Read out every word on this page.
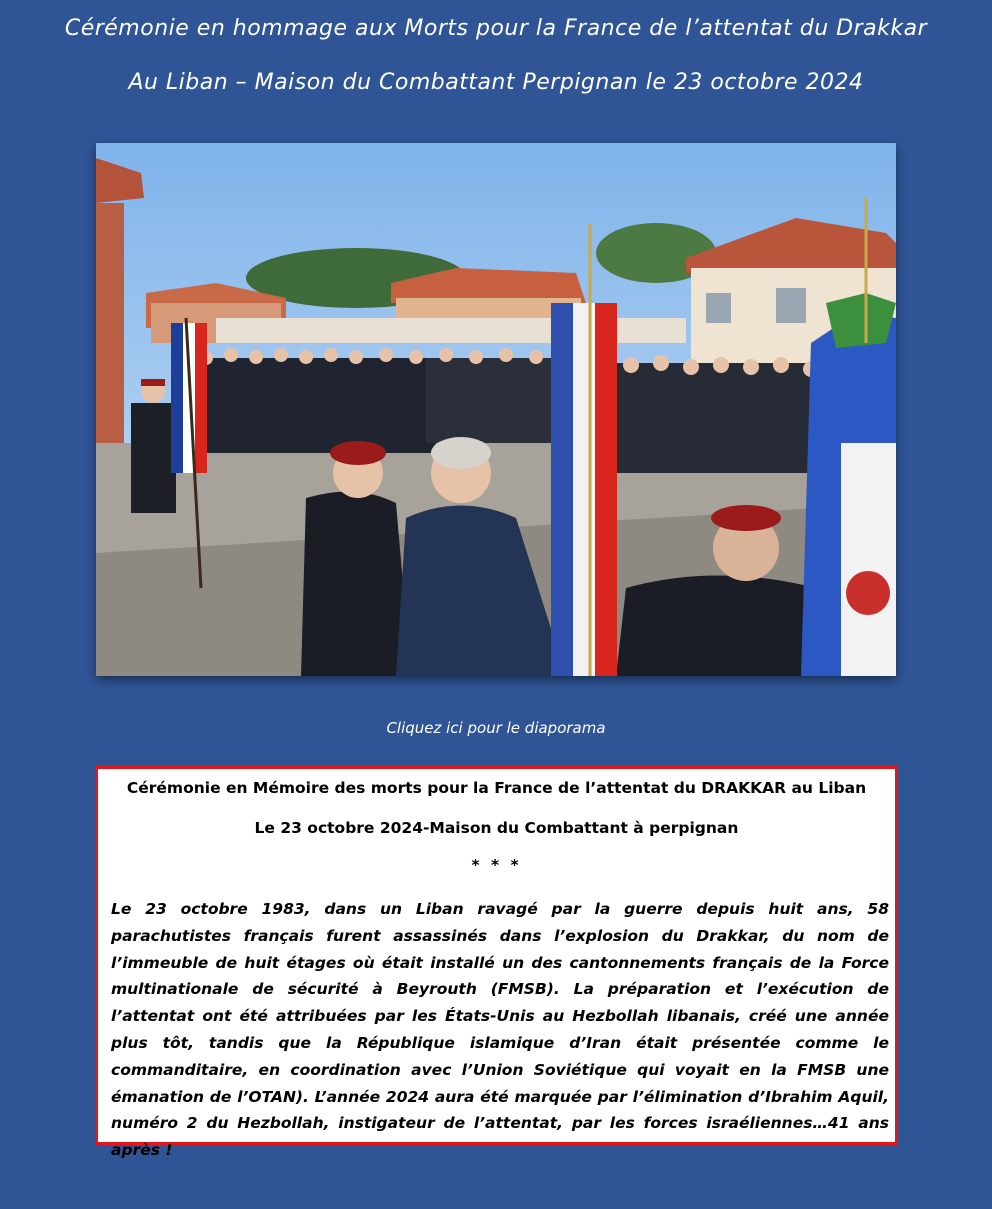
Cérémonie en hommage aux Morts pour la France de l’attentat du Drakkar
Au Liban – Maison du Combattant Perpignan le 23 octobre 2024
Cliquez ici pour le diaporama
Cérémonie en Mémoire des morts pour la France de l’attentat du DRAKKAR au Liban
Le 23 octobre 2024-Maison du Combattant à perpignan
* * *
Le 23 octobre 1983, dans un Liban ravagé par la guerre depuis huit ans, 58 parachutistes français furent assassinés dans l’explosion du Drakkar, du nom de l’immeuble de huit étages où était installé un des cantonnements français de la Force multinationale de sécurité à Beyrouth (FMSB). La préparation et l’exécution de l’attentat ont été attribuées par les États-Unis au Hezbollah libanais, créé une année plus tôt, tandis que la République islamique d’Iran était présentée comme le commanditaire, en coordination avec l’Union Soviétique qui voyait en la FMSB une émanation de l’OTAN). L’année 2024 aura été marquée par l’élimination d’Ibrahim Aquil, numéro 2 du Hezbollah, instigateur de l’attentat, par les forces israéliennes…41 ans après !
